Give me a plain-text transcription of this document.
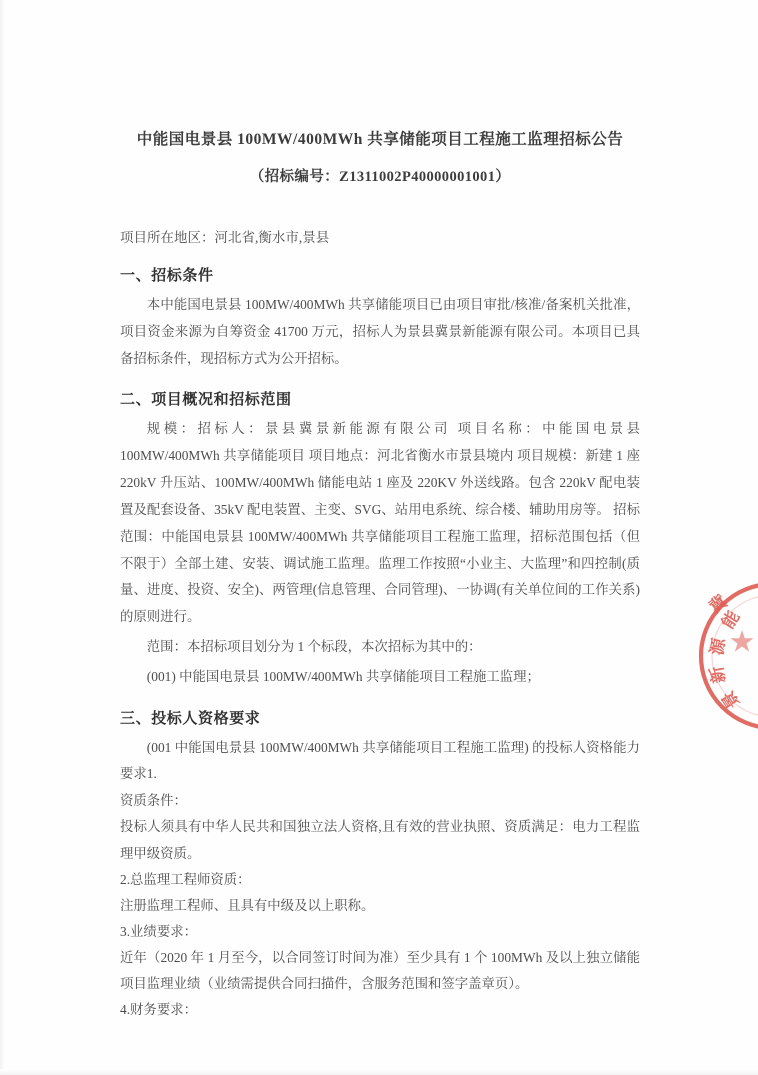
中能国电景县 100MW/400MWh 共享储能项目工程施工监理招标公告
（招标编号：Z1311002P40000001001）

项目所在地区：河北省,衡水市,景县

一、招标条件

本中能国电景县 100MW/400MWh 共享储能项目已由项目审批/核准/备案机关批准，项目资金来源为自筹资金 41700 万元，招标人为景县冀景新能源有限公司。本项目已具备招标条件，现招标方式为公开招标。

二、项目概况和招标范围

规模：招标人：景县冀景新能源有限公司 项目名称：中能国电景县 100MW/400MWh 共享储能项目 项目地点：河北省衡水市景县境内 项目规模：新建 1 座 220kV 升压站、100MW/400MWh 储能电站 1 座及 220KV 外送线路。包含 220kV 配电装置及配套设备、35kV 配电装置、主变、SVG、站用电系统、综合楼、辅助用房等。 招标范围：中能国电景县 100MW/400MWh 共享储能项目工程施工监理，招标范围包括（但不限于）全部土建、安装、调试施工监理。监理工作按照“小业主、大监理”和四控制(质量、进度、投资、安全)、两管理(信息管理、合同管理)、一协调(有关单位间的工作关系)的原则进行。

范围：本招标项目划分为 1 个标段，本次招标为其中的：

(001) 中能国电景县 100MW/400MWh 共享储能项目工程施工监理；

三、投标人资格要求

(001 中能国电景县 100MW/400MWh 共享储能项目工程施工监理) 的投标人资格能力要求1.

资质条件：

投标人须具有中华人民共和国独立法人资格,且有效的营业执照、资质满足：电力工程监理甲级资质。

2.总监理工程师资质：

注册监理工程师、且具有中级及以上职称。

3.业绩要求：

近年（2020 年 1 月至今，以合同签订时间为准）至少具有 1 个 100MWh 及以上独立储能项目监理业绩（业绩需提供合同扫描件，含服务范围和签字盖章页）。

4.财务要求：

能
源
新
景
冀
